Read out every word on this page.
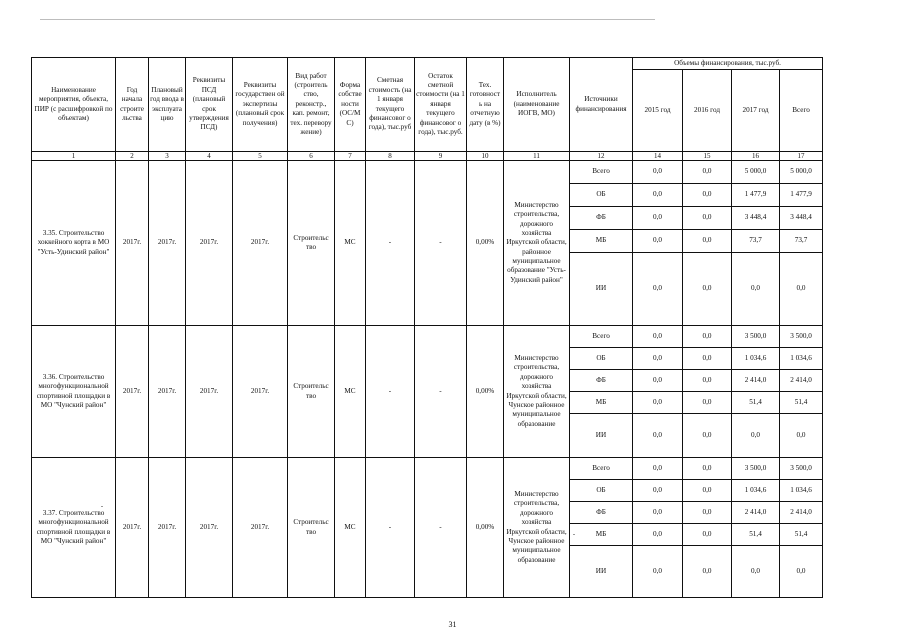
Наименование мероприятия, объекта, ПИР (с расшифровкой по объектам)	Год начала строите льства	Плановый год ввода в эксплуата цию	Реквизиты ПСД (плановый срок утверждения ПСД)	Реквизиты государствен ой экспертизы (плановый срок получения)	Вид работ (строитель ство, реконстр., кап. ремонт, тех. перевору жение)	Форма собстве ности (ОС/М С)	Сметная стоимость (на 1 января текущего финансовог о года), тыс.руб	Остаток сметной стоимости (на 1 января текущего финансовог о года), тыс.руб.	Тех. готовност ь на отчетную дату (в %)	Исполнитель (наименование ИОГВ, МО)	Источники финансирования	Объемы финансирования, тыс.руб.			
												2015 год	2016 год	2017 год	Всего
1	2	3	4	5	6	7	8	9	10	11	12	14	15	16	17
3.35. Строительство хоккейного корта в МО "Усть-Удинский район"	2017г.	2017г.	2017г.	2017г.	Строительс тво	МС	-	-	0,00%	Министерство строительства, дорожного хозяйства Иркутской области, районное муниципальное образование "Усть-Удинский район"	Всего	0,0	0,0	5 000,0	5 000,0
											ОБ	0,0	0,0	1 477,9	1 477,9
											ФБ	0,0	0,0	3 448,4	3 448,4
											МБ	0,0	0,0	73,7	73,7
											ИИ	0,0	0,0	0,0	0,0
3.36. Строительство многофункциональной спортивной площадки в МО "Чунский район"	2017г.	2017г.	2017г.	2017г.	Строительс тво	МС	-	-	0,00%	Министерство строительства, дорожного хозяйства Иркутской области, Чунское районное муниципальное образование	Всего	0,0	0,0	3 500,0	3 500,0
											ОБ	0,0	0,0	1 034,6	1 034,6
											ФБ	0,0	0,0	2 414,0	2 414,0
											МБ	0,0	0,0	51,4	51,4
											ИИ	0,0	0,0	0,0	0,0
3.37. Строительство многофункциональной спортивной площадки в МО "Чунский район"	2017г.	2017г.	2017г.	2017г.	Строительс тво	МС	-	-	0,00%	Министерство строительства, дорожного хозяйства Иркутской области, Чунское районное муниципальное образование	Всего	0,0	0,0	3 500,0	3 500,0
											ОБ	0,0	0,0	1 034,6	1 034,6
											ФБ	0,0	0,0	2 414,0	2 414,0
											МБ	0,0	0,0	51,4	51,4
											ИИ	0,0	0,0	0,0	0,0
31
